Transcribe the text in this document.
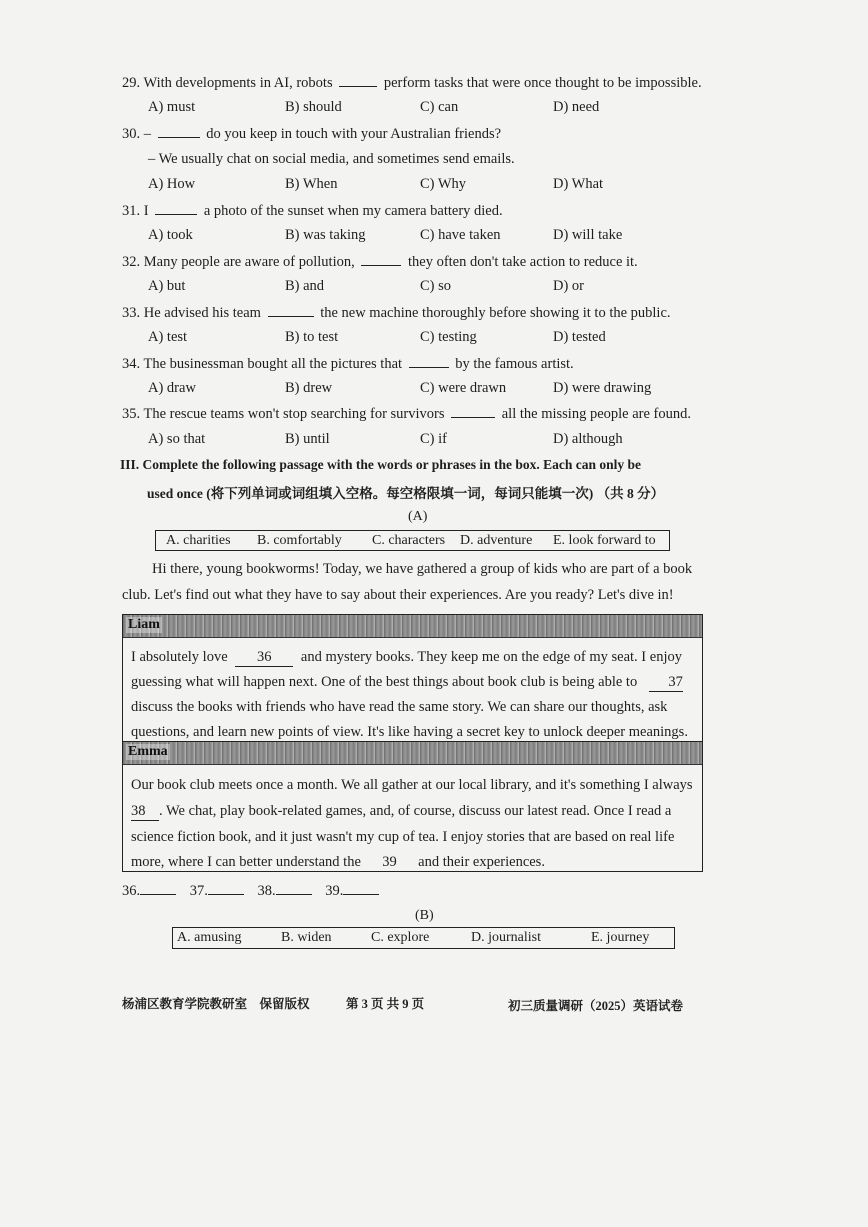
29. With developments in AI, robots	perform tasks that were once thought to be impossible.
A) must	B) should	C) can	D) need
30. –	do you keep in touch with your Australian friends?
– We usually chat on social media, and sometimes send emails.
A) How	B) When	C) Why	D) What
31. I	a photo of the sunset when my camera battery died.
A) took	B) was taking	C) have taken	D) will take
32. Many people are aware of pollution,	they often don't take action to reduce it.
A) but	B) and	C) so	D) or
33. He advised his team	the new machine thoroughly before showing it to the public.
A) test	B) to test	C) testing	D) tested
34. The businessman bought all the pictures that	by the famous artist.
A) draw	B) drew	C) were drawn	D) were drawing
35. The rescue teams won't stop searching for survivors	all the missing people are found.
A) so that	B) until	C) if	D) although
III. Complete the following passage with the words or phrases in the box. Each can only be
used once (将下列单词或词组填入空格。每空格限填一词，每词只能填一次) （共 8 分）
(A)
A. charities B. comfortably C. characters D. adventure E. look forward to
Hi there, young bookworms! Today, we have gathered a group of kids who are part of a book
club. Let's find out what they have to say about their experiences. Are you ready? Let's dive in!
Liam
I absolutely love 36 and mystery books. They keep me on the edge of my seat. I enjoy
guessing what will happen next. One of the best things about book club is being able to 37
discuss the books with friends who have read the same story. We can share our thoughts, ask
questions, and learn new points of view. It's like having a secret key to unlock deeper meanings.
Emma
Our book club meets once a month. We all gather at our local library, and it's something I always
38 . We chat, play book-related games, and, of course, discuss our latest read. Once I read a
science fiction book, and it just wasn't my cup of tea. I enjoy stories that are based on real life
more, where I can better understand the 39 and their experiences.
36.	37.	38.	39.
(B)
A. amusing	B. widen	C. explore	D. journalist	E. journey
杨浦区教育学院教研室　保留版权	第 3 页 共 9 页	初三质量调研（2025）英语试卷
